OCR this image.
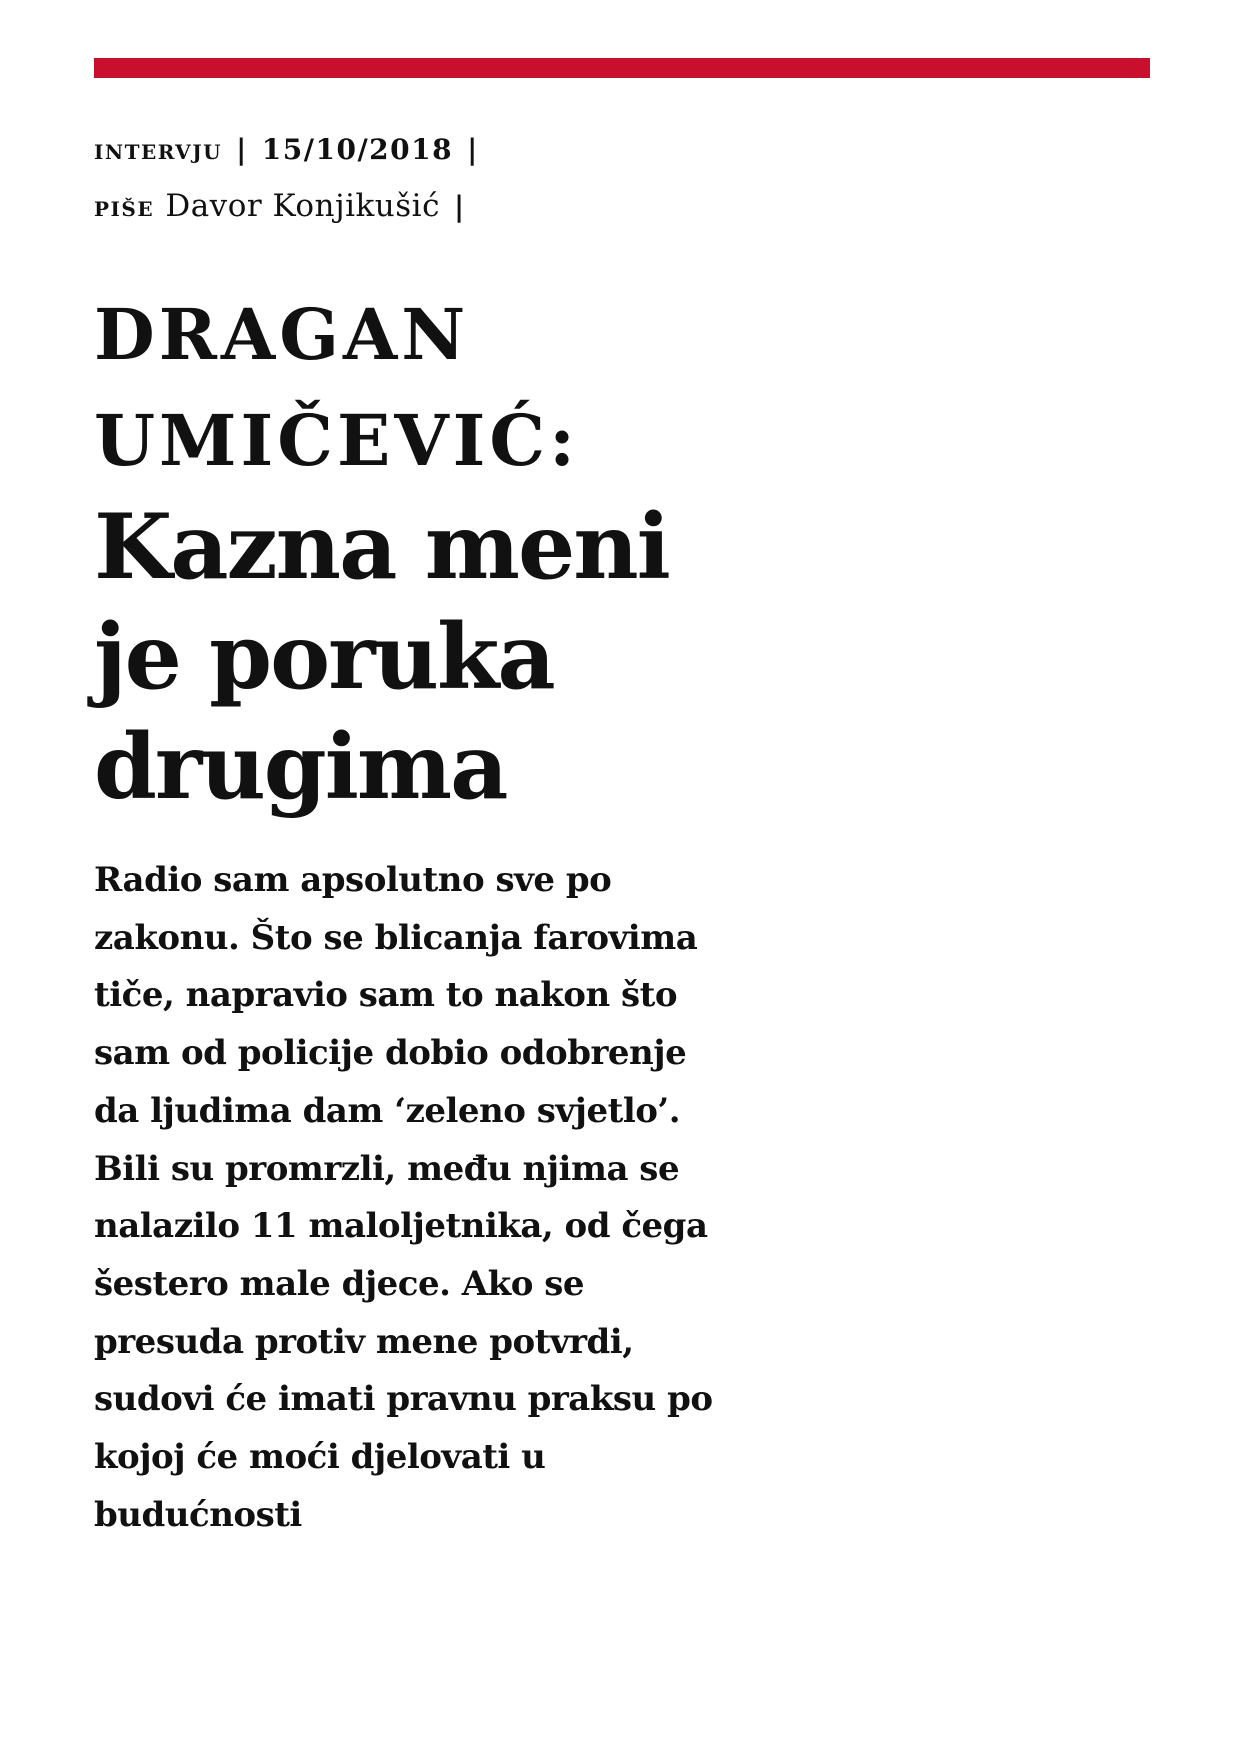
intervju | 15/10/2018 |
piše Davor Konjikušić |
DRAGAN
UMIČEVIĆ:
Kazna meni
je poruka
drugima
Radio sam apsolutno sve po
zakonu. Što se blicanja farovima
tiče, napravio sam to nakon što
sam od policije dobio odobrenje
da ljudima dam ‘zeleno svjetlo’.
Bili su promrzli, među njima se
nalazilo 11 maloljetnika, od čega
šestero male djece. Ako se
presuda protiv mene potvrdi,
sudovi će imati pravnu praksu po
kojoj će moći djelovati u
budućnosti
